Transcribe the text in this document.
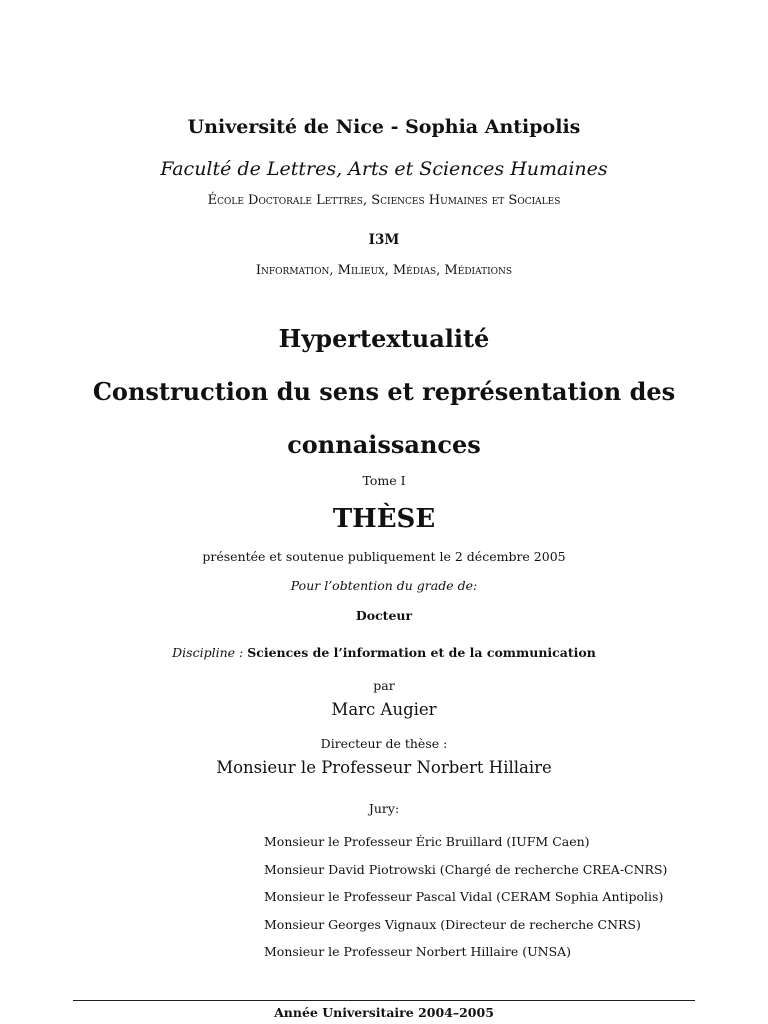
Université de Nice - Sophia Antipolis
Faculté de Lettres, Arts et Sciences Humaines
École Doctorale Lettres, Sciences Humaines et Sociales
I3M
Information, Milieux, Médias, Médiations
Hypertextualité
Construction du sens et représentation des
connaissances
Tome I
THÈSE
présentée et soutenue publiquement le 2 décembre 2005
Pour l’obtention du grade de:
Docteur
Discipline : Sciences de l’information et de la communication
par
Marc Augier
Directeur de thèse :
Monsieur le Professeur Norbert Hillaire
Jury:
Monsieur le Professeur Éric Bruillard (IUFM Caen)
Monsieur David Piotrowski (Chargé de recherche CREA-CNRS)
Monsieur le Professeur Pascal Vidal (CERAM Sophia Antipolis)
Monsieur Georges Vignaux (Directeur de recherche CNRS)
Monsieur le Professeur Norbert Hillaire (UNSA)
Année Universitaire 2004–2005
